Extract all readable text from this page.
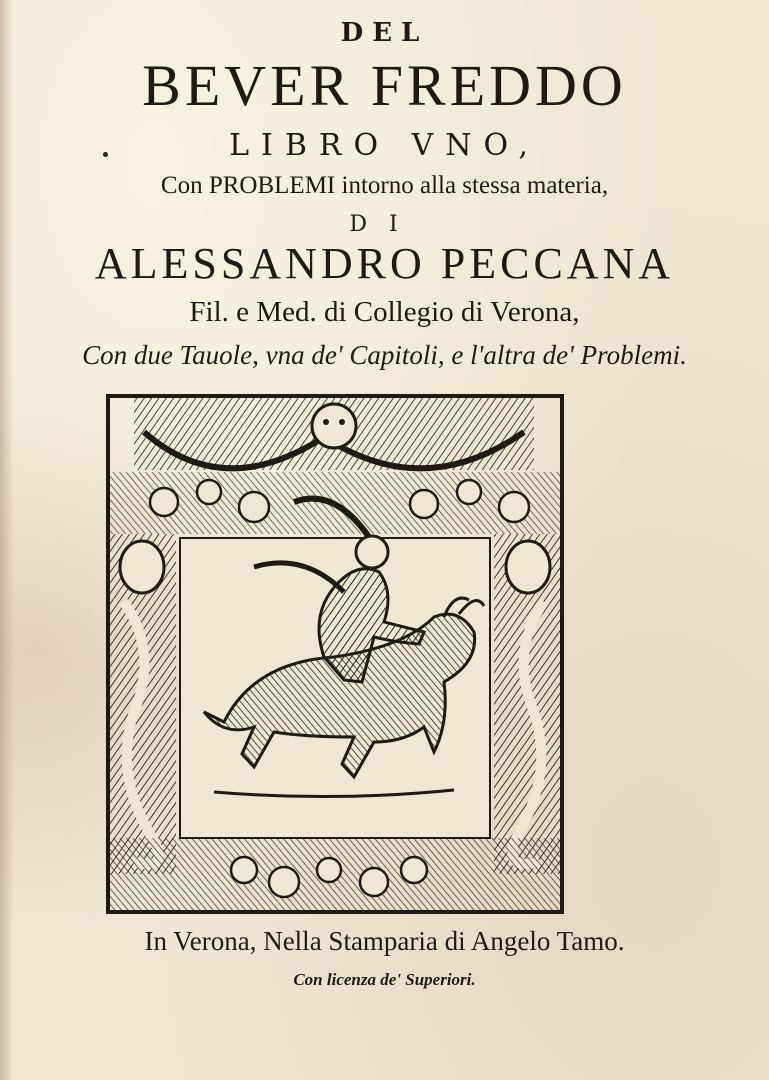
DEL
BEVER FREDDO
LIBRO VNO,
Con PROBLEMI intorno alla stessa materia,
DI
ALESSANDRO PECCANA
Fil. e Med. di Collegio di Verona,
Con due Tauole, vna de' Capitoli, e l'altra de' Problemi.
In Verona, Nella Stamparia di Angelo Tamo.
Con licenza de' Superiori.
